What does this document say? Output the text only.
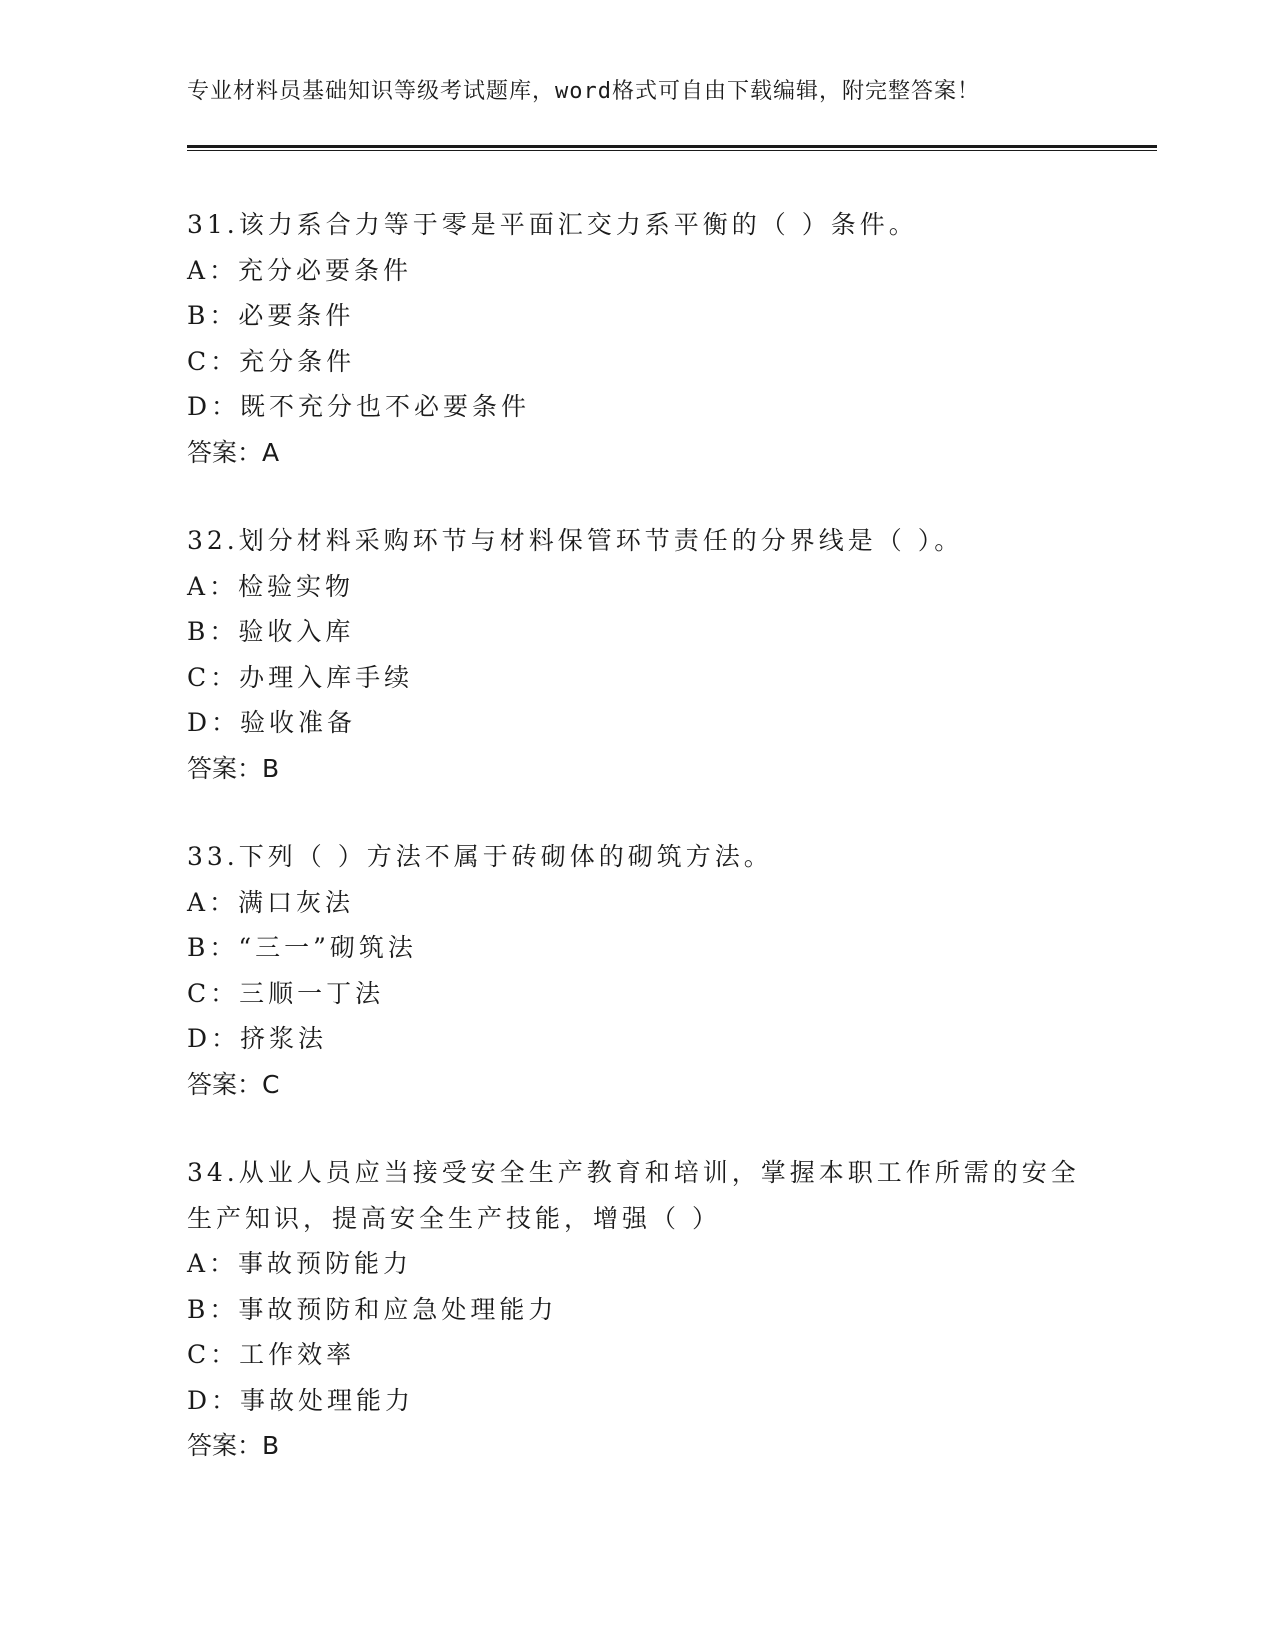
专业材料员基础知识等级考试题库，word格式可自由下载编辑，附完整答案！
31.该力系合力等于零是平面汇交力系平衡的（ ）条件。
A：充分必要条件
B：必要条件
C：充分条件
D：既不充分也不必要条件
答案：A
32.划分材料采购环节与材料保管环节责任的分界线是（ ）。
A：检验实物
B：验收入库
C：办理入库手续
D：验收准备
答案：B
33.下列（ ）方法不属于砖砌体的砌筑方法。
A：满口灰法
B：“三一”砌筑法
C：三顺一丁法
D：挤浆法
答案：C
34.从业人员应当接受安全生产教育和培训，掌握本职工作所需的安全
生产知识，提高安全生产技能，增强（ ）
A：事故预防能力
B：事故预防和应急处理能力
C：工作效率
D：事故处理能力
答案：B
